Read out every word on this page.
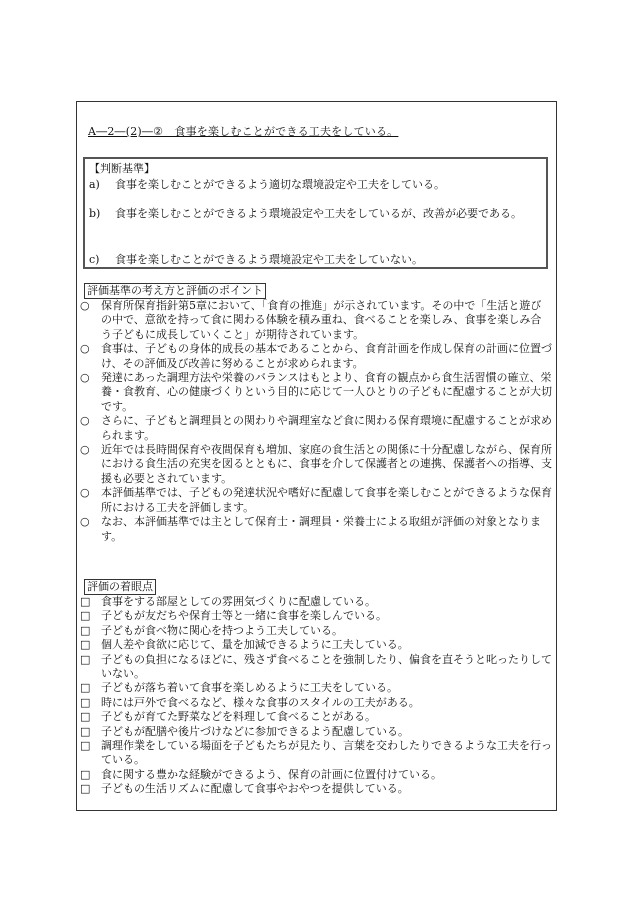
A―2―(2)―②　食事を楽しむことができる工夫をしている。
【判断基準】
a)	食事を楽しむことができるよう適切な環境設定や工夫をしている。
b)	食事を楽しむことができるよう環境設定や工夫をしているが、改善が必要である。
c)	食事を楽しむことができるよう環境設定や工夫をしていない。
評価基準の考え方と評価のポイント
○ 保育所保育指針第5章において、「食育の推進」が示されています。その中で「生活と遊びの中で、意欲を持って食に関わる体験を積み重ね、食べることを楽しみ、食事を楽しみ合う子どもに成長していくこと」が期待されています。
○ 食事は、子どもの身体的成長の基本であることから、食育計画を作成し保育の計画に位置づけ、その評価及び改善に努めることが求められます。
○ 発達にあった調理方法や栄養のバランスはもとより、食育の観点から食生活習慣の確立、栄養・食教育、心の健康づくりという目的に応じて一人ひとりの子どもに配慮することが大切です。
○ さらに、子どもと調理員との関わりや調理室など食に関わる保育環境に配慮することが求められます。
○ 近年では長時間保育や夜間保育も増加、家庭の食生活との関係に十分配慮しながら、保育所における食生活の充実を図るとともに、食事を介して保護者との連携、保護者への指導、支援も必要とされています。
○ 本評価基準では、子どもの発達状況や嗜好に配慮して食事を楽しむことができるような保育所における工夫を評価します。
○ なお、本評価基準では主として保育士・調理員・栄養士による取組が評価の対象となります。
評価の着眼点
□ 食事をする部屋としての雰囲気づくりに配慮している。
□ 子どもが友だちや保育士等と一緒に食事を楽しんでいる。
□ 子どもが食べ物に関心を持つよう工夫している。
□ 個人差や食欲に応じて、量を加減できるように工夫している。
□ 子どもの負担になるほどに、残さず食べることを強制したり、偏食を直そうと叱ったりしていない。
□ 子どもが落ち着いて食事を楽しめるように工夫をしている。
□ 時には戸外で食べるなど、様々な食事のスタイルの工夫がある。
□ 子どもが育てた野菜などを料理して食べることがある。
□ 子どもが配膳や後片づけなどに参加できるよう配慮している。
□ 調理作業をしている場面を子どもたちが見たり、言葉を交わしたりできるような工夫を行っている。
□ 食に関する豊かな経験ができるよう、保育の計画に位置付けている。
□ 子どもの生活リズムに配慮して食事やおやつを提供している。
